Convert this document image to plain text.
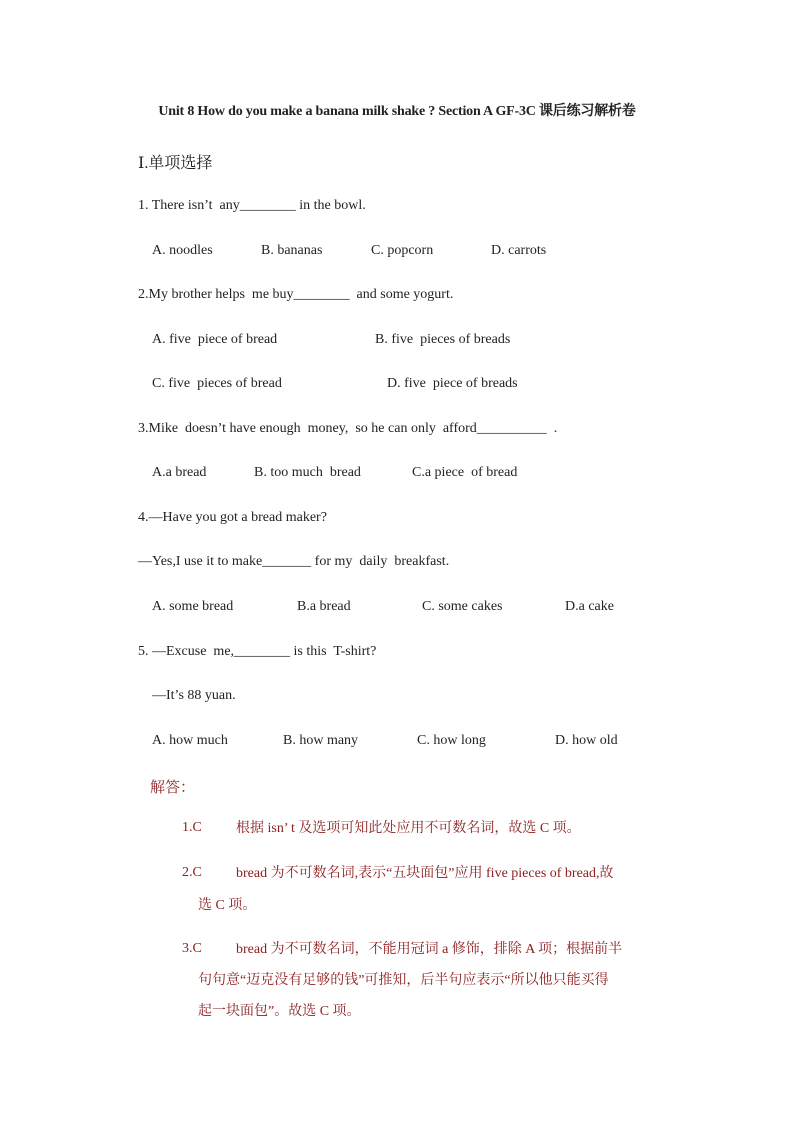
Unit 8 How do you make a banana milk shake ? Section A GF-3C 课后练习解析卷
Ⅰ.单项选择
1. There isn’t  any________ in the bowl.
A. noodles	B. bananas	C. popcorn	D. carrots
2.My brother helps  me buy________  and some yogurt.
A. five  piece of bread	B. five  pieces of breads
C. five  pieces of bread	D. five  piece of breads
3.Mike  doesn’t have enough  money,  so he can only  afford__________  .
A.a bread	B. too much  bread	C.a piece  of bread
4.—Have you got a bread maker?
—Yes,I use it to make_______ for my  daily  breakfast.
A. some bread	B.a bread	C. some cakes	D.a cake
5. —Excuse  me,________ is this  T-shirt?
—It’s 88 yuan.
A. how much	B. how many	C. how long	D. how old
解答：
1.C 根据 isn’ t 及选项可知此处应用不可数名词，故选 C 项。
2.C bread 为不可数名词,表示“五块面包”应用 five pieces of bread,故
选 C 项。
3.C bread 为不可数名词，不能用冠词 a 修饰，排除 A 项；根据前半
句句意“迈克没有足够的钱”可推知，后半句应表示“所以他只能买得
起一块面包”。故选 C 项。
